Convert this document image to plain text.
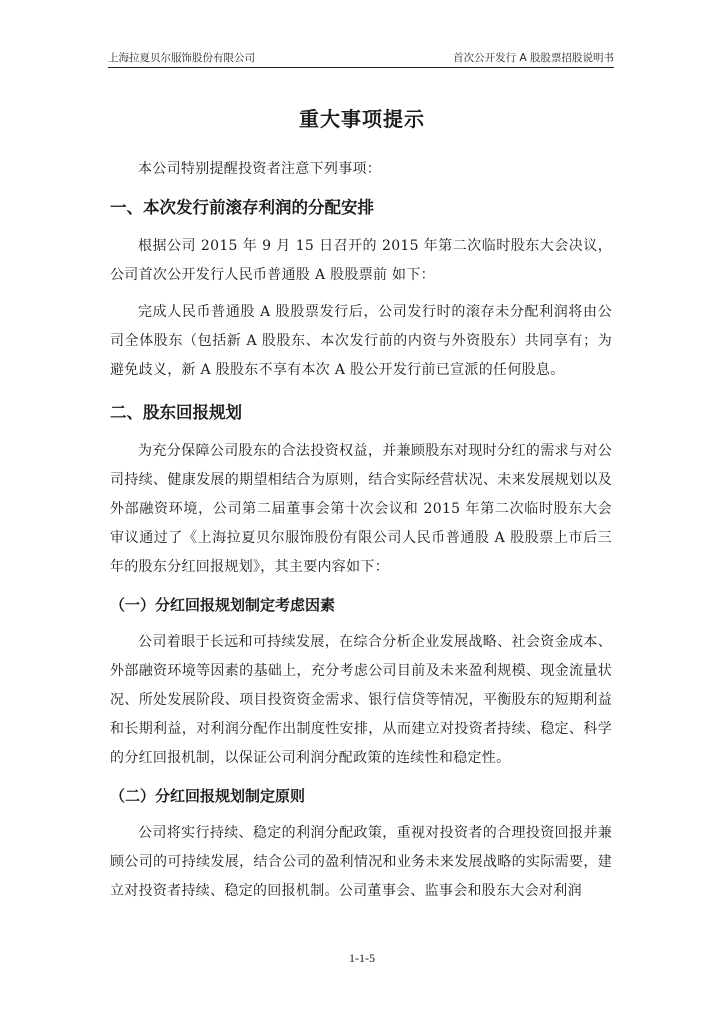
上海拉夏贝尔服饰股份有限公司	首次公开发行 A 股股票招股说明书
重大事项提示

本公司特别提醒投资者注意下列事项：

一、本次发行前滚存利润的分配安排

根据公司 2015 年 9 月 15 日召开的 2015 年第二次临时股东大会决议，公司首次公开发行人民币普通股 A 股股票前 如下：

完成人民币普通股 A 股股票发行后，公司发行时的滚存未分配利润将由公司全体股东（包括新 A 股股东、本次发行前的内资与外资股东）共同享有；为避免歧义，新 A 股股东不享有本次 A 股公开发行前已宣派的任何股息。

二、股东回报规划

为充分保障公司股东的合法投资权益，并兼顾股东对现时分红的需求与对公司持续、健康发展的期望相结合为原则，结合实际经营状况、未来发展规划以及外部融资环境，公司第二届董事会第十次会议和 2015 年第二次临时股东大会审议通过了《上海拉夏贝尔服饰股份有限公司人民币普通股 A 股股票上市后三年的股东分红回报规划》，其主要内容如下：

（一）分红回报规划制定考虑因素

公司着眼于长远和可持续发展，在综合分析企业发展战略、社会资金成本、外部融资环境等因素的基础上，充分考虑公司目前及未来盈利规模、现金流量状况、所处发展阶段、项目投资资金需求、银行信贷等情况，平衡股东的短期利益和长期利益，对利润分配作出制度性安排，从而建立对投资者持续、稳定、科学的分红回报机制，以保证公司利润分配政策的连续性和稳定性。

（二）分红回报规划制定原则

公司将实行持续、稳定的利润分配政策，重视对投资者的合理投资回报并兼顾公司的可持续发展，结合公司的盈利情况和业务未来发展战略的实际需要，建立对投资者持续、稳定的回报机制。公司董事会、监事会和股东大会对利润

1-1-5
